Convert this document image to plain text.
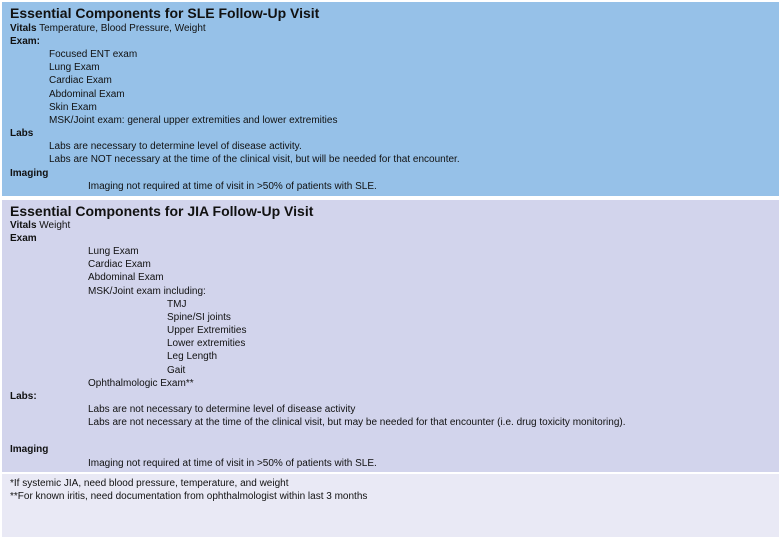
Essential Components for SLE Follow-Up Visit
Vitals Temperature, Blood Pressure, Weight
Exam:
Focused ENT exam
Lung Exam
Cardiac Exam
Abdominal Exam
Skin Exam
MSK/Joint exam: general upper extremities and lower extremities
Labs
Labs are necessary to determine level of disease activity.
Labs are NOT necessary at the time of the clinical visit, but will be needed for that encounter.
Imaging
Imaging not required at time of visit in >50% of patients with SLE.
Essential Components for JIA Follow-Up Visit
Vitals Weight
Exam
Lung Exam
Cardiac Exam
Abdominal Exam
MSK/Joint exam including:
TMJ
Spine/SI joints
Upper Extremities
Lower extremities
Leg Length
Gait
Ophthalmologic Exam**
Labs:
Labs are not necessary to determine level of disease activity
Labs are not necessary at the time of the clinical visit, but may be needed for that encounter (i.e. drug toxicity monitoring).
Imaging
Imaging not required at time of visit in >50% of patients with SLE.
*If systemic JIA, need blood pressure, temperature, and weight
**For known iritis, need documentation from ophthalmologist within last 3 months
